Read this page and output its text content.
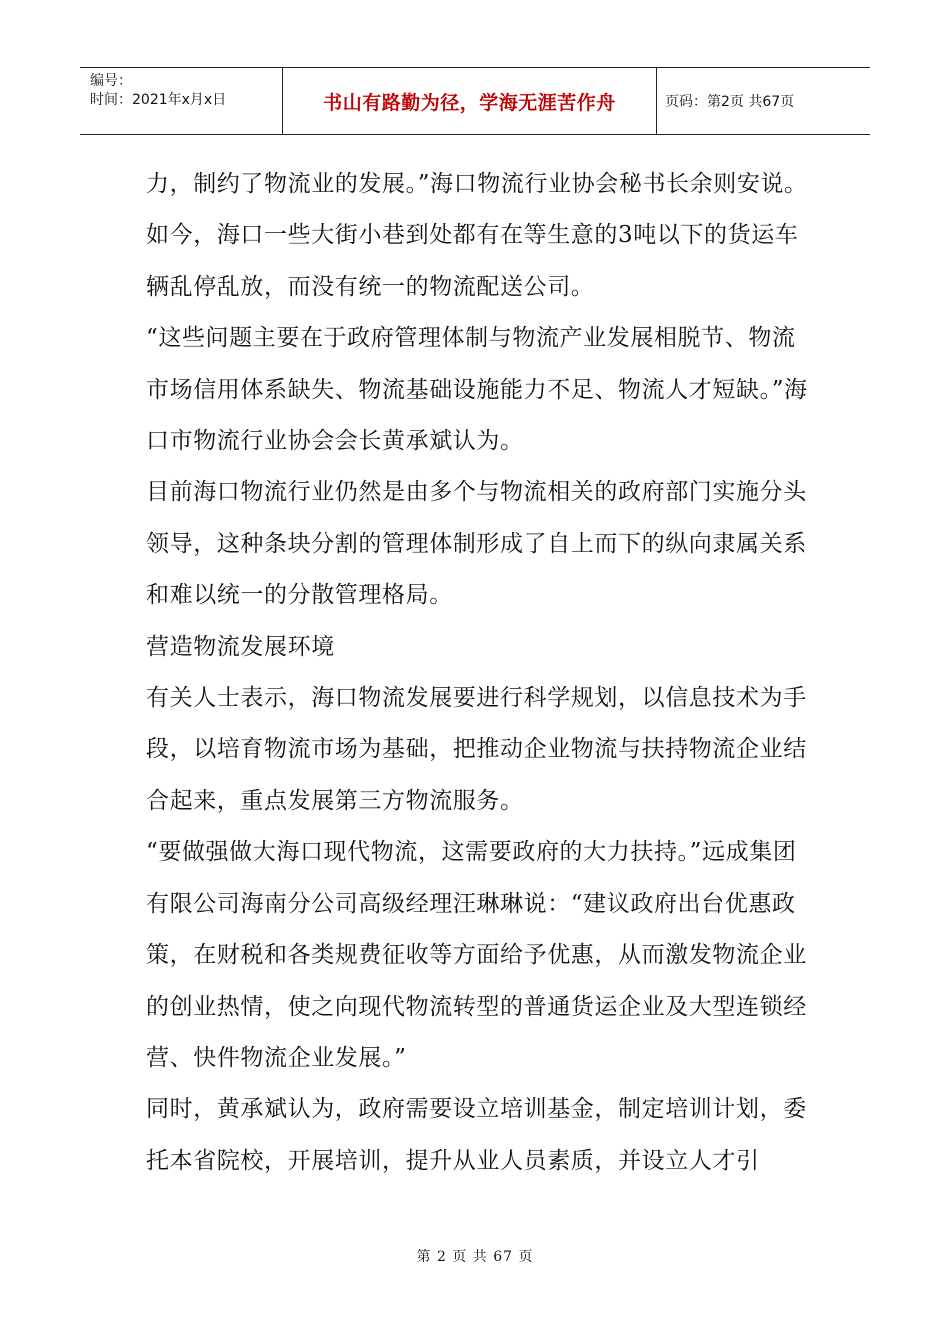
编号：
时间：2021年x月x日	书山有路勤为径，学海无涯苦作舟	页码：第2页 共67页

力，制约了物流业的发展。”海口物流行业协会秘书长余则安说。

如今，海口一些大街小巷到处都有在等生意的3吨以下的货运车辆乱停乱放，而没有统一的物流配送公司。

“这些问题主要在于政府管理体制与物流产业发展相脱节、物流市场信用体系缺失、物流基础设施能力不足、物流人才短缺。”海口市物流行业协会会长黄承斌认为。

目前海口物流行业仍然是由多个与物流相关的政府部门实施分头领导，这种条块分割的管理体制形成了自上而下的纵向隶属关系和难以统一的分散管理格局。

营造物流发展环境

有关人士表示，海口物流发展要进行科学规划，以信息技术为手段，以培育物流市场为基础，把推动企业物流与扶持物流企业结合起来，重点发展第三方物流服务。

“要做强做大海口现代物流，这需要政府的大力扶持。”远成集团有限公司海南分公司高级经理汪琳琳说：“建议政府出台优惠政策，在财税和各类规费征收等方面给予优惠，从而激发物流企业的创业热情，使之向现代物流转型的普通货运企业及大型连锁经营、快件物流企业发展。”

同时，黄承斌认为，政府需要设立培训基金，制定培训计划，委托本省院校，开展培训，提升从业人员素质，并设立人才引

第 2 页 共 67 页
